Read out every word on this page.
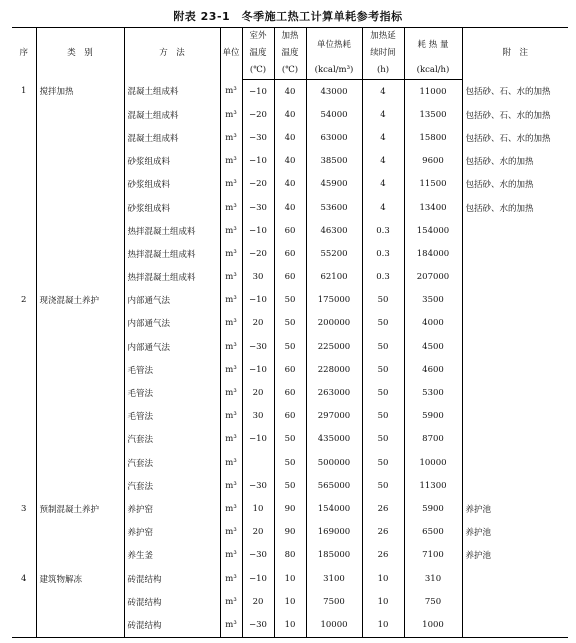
附表 23-1　冬季施工热工计算单耗参考指标
序	类　别	方　法	单位	室外	加热	单位热耗	加热延	耗 热 量	附　注
				温度	温度		续时间		
				(℃)	(℃)	(kcal/m³)	(h)	(kcal/h)	
1	搅拌加热	混凝土组成料	m³	−10	40	43000	4	11000	包括砂、石、水的加热
		混凝土组成料	m³	−20	40	54000	4	13500	包括砂、石、水的加热
		混凝土组成料	m³	−30	40	63000	4	15800	包括砂、石、水的加热
		砂浆组成料	m³	−10	40	38500	4	9600	包括砂、水的加热
		砂浆组成料	m³	−20	40	45900	4	11500	包括砂、水的加热
		砂浆组成料	m³	−30	40	53600	4	13400	包括砂、水的加热
		热拌混凝土组成料	m³	−10	60	46300	0.3	154000	
		热拌混凝土组成料	m³	−20	60	55200	0.3	184000	
		热拌混凝土组成料	m³	30	60	62100	0.3	207000	
2	现浇混凝土养护	内部通气法	m³	−10	50	175000	50	3500	
		内部通气法	m³	20	50	200000	50	4000	
		内部通气法	m³	−30	50	225000	50	4500	
		毛管法	m³	−10	60	228000	50	4600	
		毛管法	m³	20	60	263000	50	5300	
		毛管法	m³	30	60	297000	50	5900	
		汽套法	m³	−10	50	435000	50	8700	
		汽套法	m³		50	500000	50	10000	
		汽套法	m³	−30	50	565000	50	11300	
3	预制混凝土养护	养护窑	m³	10	90	154000	26	5900	养护池
		养护窑	m³	20	90	169000	26	6500	养护池
		养生釜	m³	−30	80	185000	26	7100	养护池
4	建筑物解冻	砖混结构	m³	−10	10	3100	10	310	
		砖混结构	m³	20	10	7500	10	750	
		砖混结构	m³	−30	10	10000	10	1000	
